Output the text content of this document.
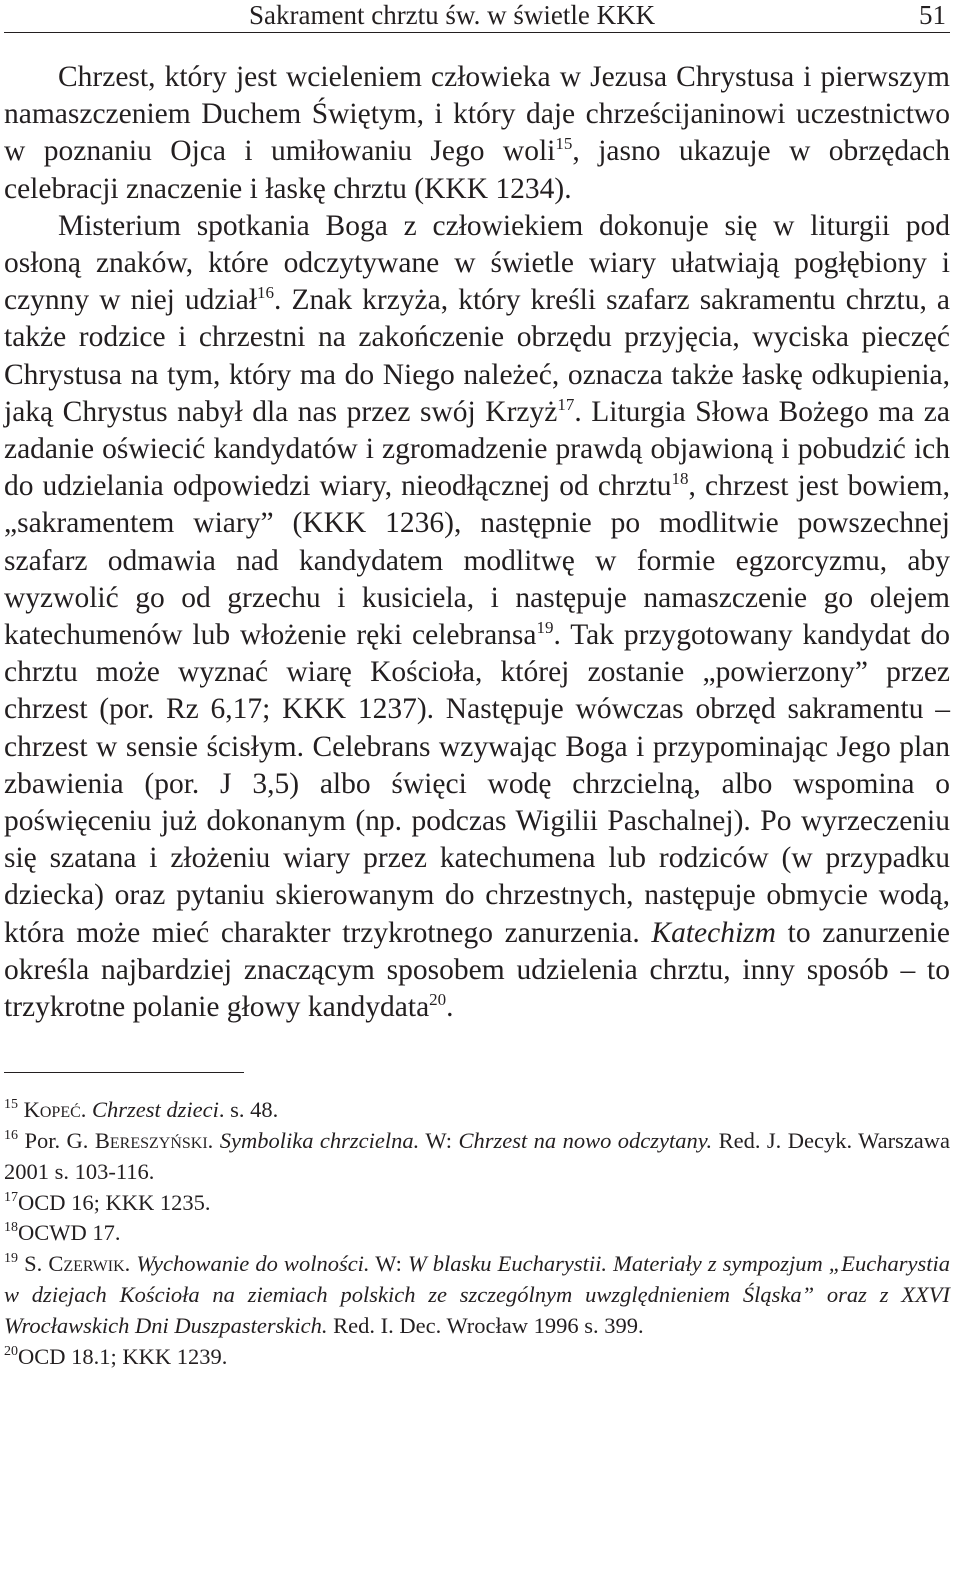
Sakrament chrztu św. w świetle KKK	51

Chrzest, który jest wcieleniem człowieka w Jezusa Chrystusa i pierwszym namaszczeniem Duchem Świętym, i który daje chrześcijaninowi uczestnictwo w poznaniu Ojca i umiłowaniu Jego woli$^{15}$, jasno ukazuje w obrzędach celebracji znaczenie i łaskę chrztu (KKK 1234).

Misterium spotkania Boga z człowiekiem dokonuje się w liturgii pod osłoną znaków, które odczytywane w świetle wiary ułatwiają pogłębiony i czynny w niej udział$^{16}$. Znak krzyża, który kreśli szafarz sakramentu chrztu, a także rodzice i chrzestni na zakończenie obrzędu przyjęcia, wyciska pieczęć Chrystusa na tym, który ma do Niego należeć, oznacza także łaskę odkupienia, jaką Chrystus nabył dla nas przez swój Krzyż$^{17}$. Liturgia Słowa Bożego ma za zadanie oświecić kandydatów i zgromadzenie prawdą objawioną i pobudzić ich do udzielania odpowiedzi wiary, nieodłącznej od chrztu$^{18}$, chrzest jest bowiem, „sakramentem wiary” (KKK 1236), następnie po modlitwie powszechnej szafarz odmawia nad kandydatem modlitwę w formie egzorcyzmu, aby wyzwolić go od grzechu i kusiciela, i następuje namaszczenie go olejem katechumenów lub włożenie ręki celebransa$^{19}$. Tak przygotowany kandydat do chrztu może wyznać wiarę Kościoła, której zostanie „powierzony” przez chrzest (por. Rz 6,17; KKK 1237). Następuje wówczas obrzęd sakramentu – chrzest w sensie ścisłym. Celebrans wzywając Boga i przypominając Jego plan zbawienia (por. J 3,5) albo święci wodę chrzcielną, albo wspomina o poświęceniu już dokonanym (np. podczas Wigilii Paschalnej). Po wyrzeczeniu się szatana i złożeniu wiary przez katechumena lub rodziców (w przypadku dziecka) oraz pytaniu skierowanym do chrzestnych, następuje obmycie wodą, która może mieć charakter trzykrotnego zanurzenia. Katechizm to zanurzenie określa najbardziej znaczącym sposobem udzielenia chrztu, inny sposób – to trzykrotne polanie głowy kandydata$^{20}$.

$^{15}$ Kopeć. Chrzest dzieci. s. 48.

$^{16}$ Por. G. Bereszyński. Symbolika chrzcielna. W: Chrzest na nowo odczytany. Red. J. Decyk. Warszawa 2001 s. 103-116.

$^{17}$OCD 16; KKK 1235.

$^{18}$OCWD 17.

$^{19}$ S. Czerwik. Wychowanie do wolności. W: W blasku Eucharystii. Materiały z sympozjum „Eucharystia w dziejach Kościoła na ziemiach polskich ze szczególnym uwzględnieniem Śląska” oraz z XXVI Wrocławskich Dni Duszpasterskich. Red. I. Dec. Wrocław 1996 s. 399.

$^{20}$OCD 18.1; KKK 1239.
